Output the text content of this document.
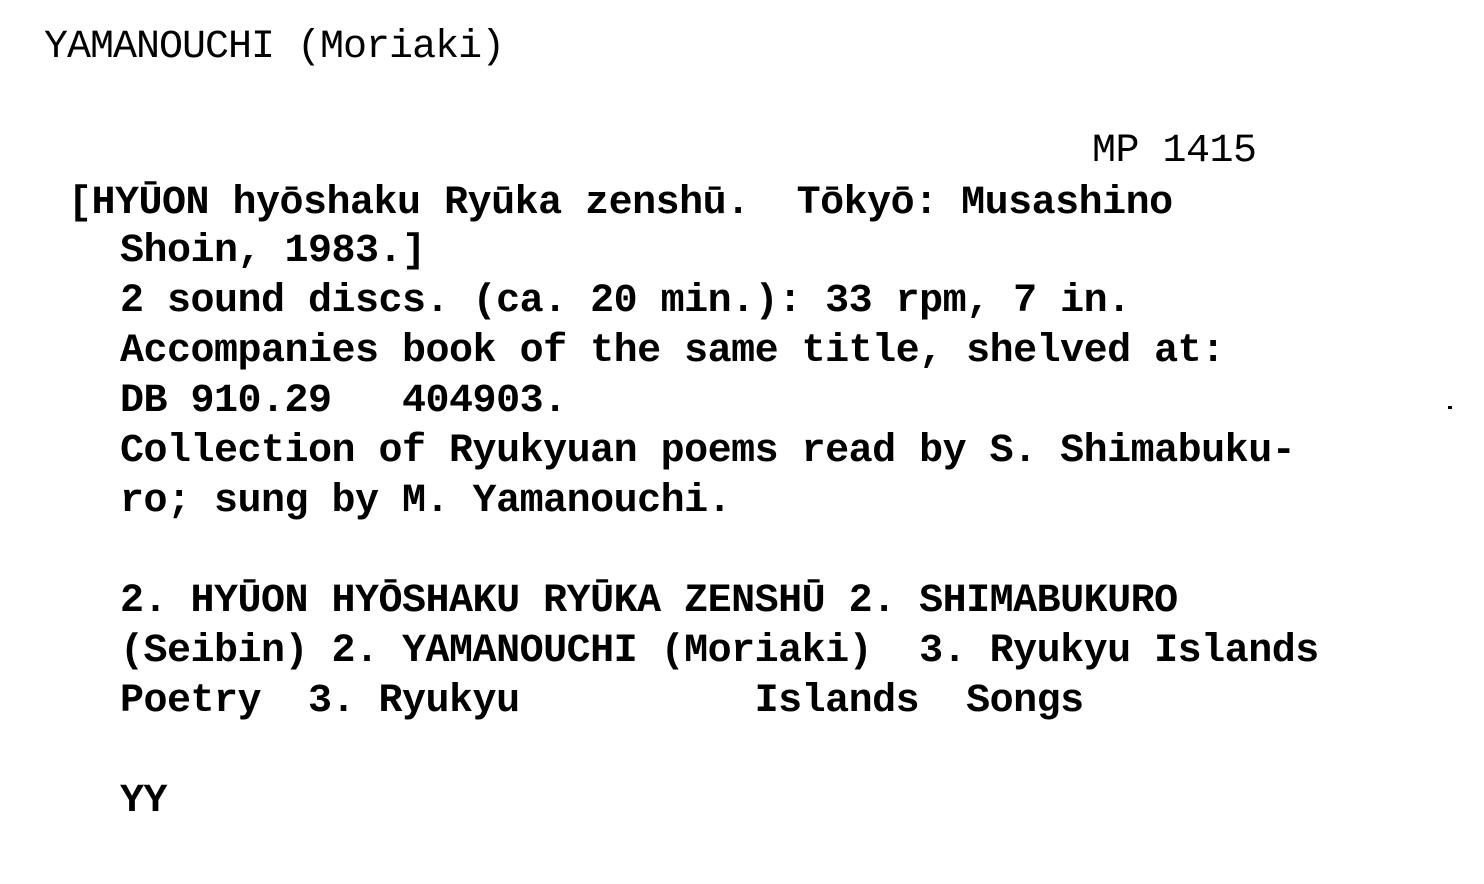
YAMANOUCHI (Moriaki)
MP 1415
[HYŪON hyōshaku Ryūka zenshū.  Tōkyō: Musashino
Shoin, 1983.]
2 sound discs. (ca. 20 min.): 33 rpm, 7 in.
Accompanies book of the same title, shelved at:
DB 910.29   404903.
Collection of Ryukyuan poems read by S. Shimabuku-
ro; sung by M. Yamanouchi.
2. HYŪON HYŌSHAKU RYŪKA ZENSHŪ 2. SHIMABUKURO
(Seibin) 2. YAMANOUCHI (Moriaki)  3. Ryukyu Islands
Poetry  3. Ryukyu          Islands  Songs
YY
